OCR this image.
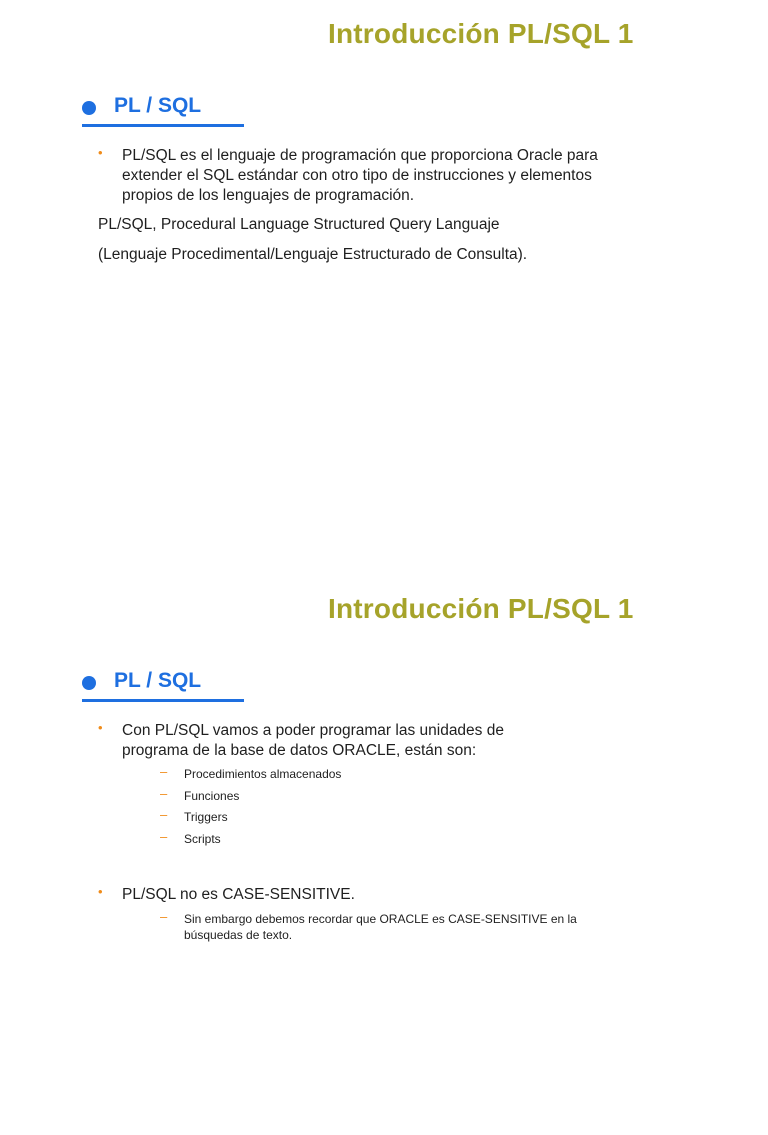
Introducción PL/SQL 1
PL / SQL
• PL/SQL es el lenguaje de programación que proporciona Oracle para extender el SQL estándar con otro tipo de instrucciones y elementos propios de los lenguajes de programación.
PL/SQL, Procedural Language Structured Query Languaje
(Lenguaje Procedimental/Lenguaje Estructurado de Consulta).
Introducción PL/SQL 1
PL / SQL
• Con PL/SQL vamos a poder programar las unidades de programa de la base de datos ORACLE, están son:
– Procedimientos almacenados
– Funciones
– Triggers
– Scripts
• PL/SQL no es CASE-SENSITIVE.
– Sin embargo debemos recordar que ORACLE es CASE-SENSITIVE en la búsquedas de texto.
